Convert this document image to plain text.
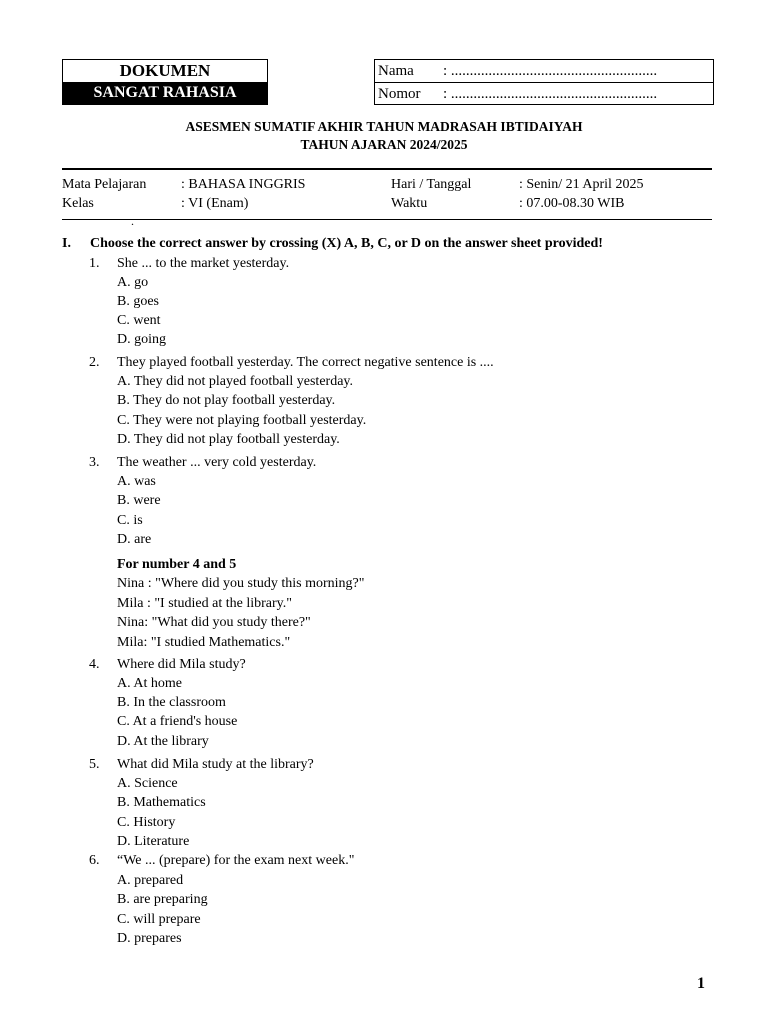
DOKUMEN
SANGAT RAHASIA
Nama : .......................................................
Nomor : .......................................................
ASESMEN SUMATIF AKHIR TAHUN MADRASAH IBTIDAIYAH
TAHUN AJARAN 2024/2025
Mata Pelajaran : BAHASA INGGRIS	Hari / Tanggal	: Senin/ 21 April 2025
Kelas	: VI (Enam)	Waktu	: 07.00-08.30 WIB
.
I. Choose the correct answer by crossing (X) A, B, C, or D on the answer sheet provided!
1. She ... to the market yesterday.
A. go
B. goes
C. went
D. going
2. They played football yesterday. The correct negative sentence is ....
A. They did not played football yesterday.
B. They do not play football yesterday.
C. They were not playing football yesterday.
D. They did not play football yesterday.
3. The weather ... very cold yesterday.
A. was
B. were
C. is
D. are
For number 4 and 5
Nina : "Where did you study this morning?"
Mila : "I studied at the library."
Nina: "What did you study there?"
Mila: "I studied Mathematics."
4. Where did Mila study?
A. At home
B. In the classroom
C. At a friend's house
D. At the library
5. What did Mila study at the library?
A. Science
B. Mathematics
C. History
D. Literature
6. “We ... (prepare) for the exam next week."
A. prepared
B. are preparing
C. will prepare
D. prepares
1
